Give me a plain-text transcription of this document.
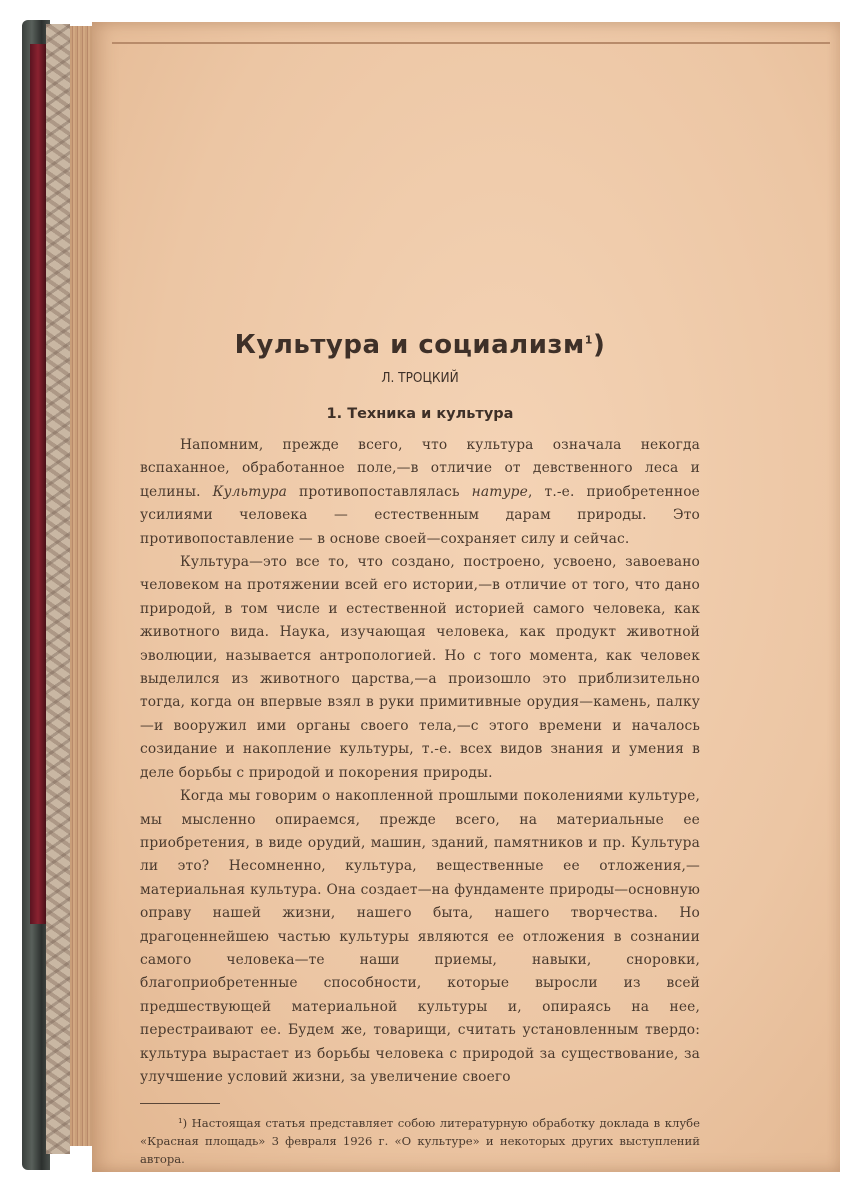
Культура и социализм$^1$)

Л. ТРОЦКИЙ

1. Техника и культура

Напомним, прежде всего, что культура означала некогда вспаханное, обработанное поле,—в отличие от девственного леса и целины. Культура противопоставлялась натуре, т.-е. приобретенное усилиями человека — естественным дарам природы. Это противопоставление — в основе своей—сохраняет силу и сейчас.

Культура—это все то, что создано, построено, усвоено, завоевано человеком на протяжении всей его истории,—в отличие от того, что дано природой, в том числе и естественной историей самого человека, как животного вида. Наука, изучающая человека, как продукт животной эволюции, называется антропологией. Но с того момента, как человек выделился из животного царства,—а произошло это приблизительно тогда, когда он впервые взял в руки примитивные орудия—камень, палку—и вооружил ими органы своего тела,—с этого времени и началось созидание и накопление культуры, т.-е. всех видов знания и умения в деле борьбы с природой и покорения природы.

Когда мы говорим о накопленной прошлыми поколениями культуре, мы мысленно опираемся, прежде всего, на материальные ее приобретения, в виде орудий, машин, зданий, памятников и пр. Культура ли это? Несомненно, культура, вещественные ее отложения,—материальная культура. Она создает—на фундаменте природы—основную оправу нашей жизни, нашего быта, нашего творчества. Но драгоценнейшею частью культуры являются ее отложения в сознании самого человека—те наши приемы, навыки, сноровки, благоприобретенные способности, которые выросли из всей предшествующей материальной культуры и, опираясь на нее, перестраивают ее. Будем же, товарищи, считать установленным твердо: культура вырастает из борьбы человека с природой за существование, за улучшение условий жизни, за увеличение своего

¹) Настоящая статья представляет собою литературную обработку доклада в клубе «Красная площадь» 3 февраля 1926 г. «О культуре» и некоторых других выступлений автора.
